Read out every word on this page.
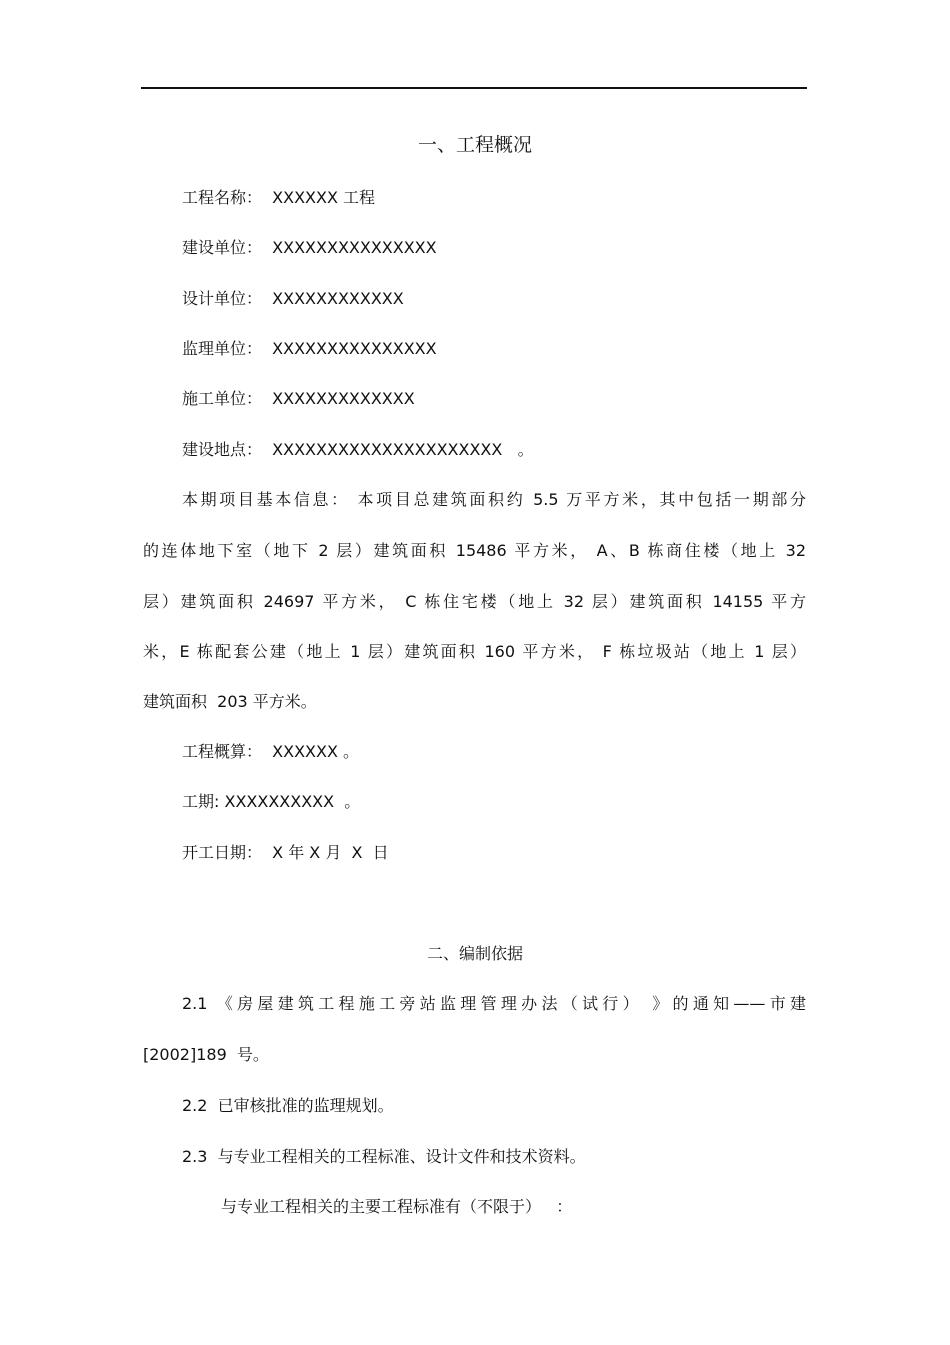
一、工程概况
工程名称：  XXXXXX 工程
建设单位：  XXXXXXXXXXXXXXX
设计单位：  XXXXXXXXXXXX
监理单位：  XXXXXXXXXXXXXXX
施工单位：  XXXXXXXXXXXXX
建设地点：  XXXXXXXXXXXXXXXXXXXXX   。
本期项目基本信息： 本项目总建筑面积约 5.5 万平方米，其中包括一期部分
的连体地下室（地下 2 层）建筑面积 15486 平方米， A、B 栋商住楼（地上 32
层）建筑面积 24697 平方米， C 栋住宅楼（地上 32 层）建筑面积 14155 平方
米，E 栋配套公建（地上 1 层）建筑面积 160 平方米， F 栋垃圾站（地上 1 层）
建筑面积  203 平方米。
工程概算：  XXXXXX 。
工期: XXXXXXXXXX  。
开工日期：  X 年 X 月  X  日
二、编制依据
2.1 《房屋建筑工程施工旁站监理管理办法（试行） 》的通知——市建
[2002]189  号。
2.2  已审核批准的监理规划。
2.3  与专业工程相关的工程标准、设计文件和技术资料。
与专业工程相关的主要工程标准有（不限于）   ：
